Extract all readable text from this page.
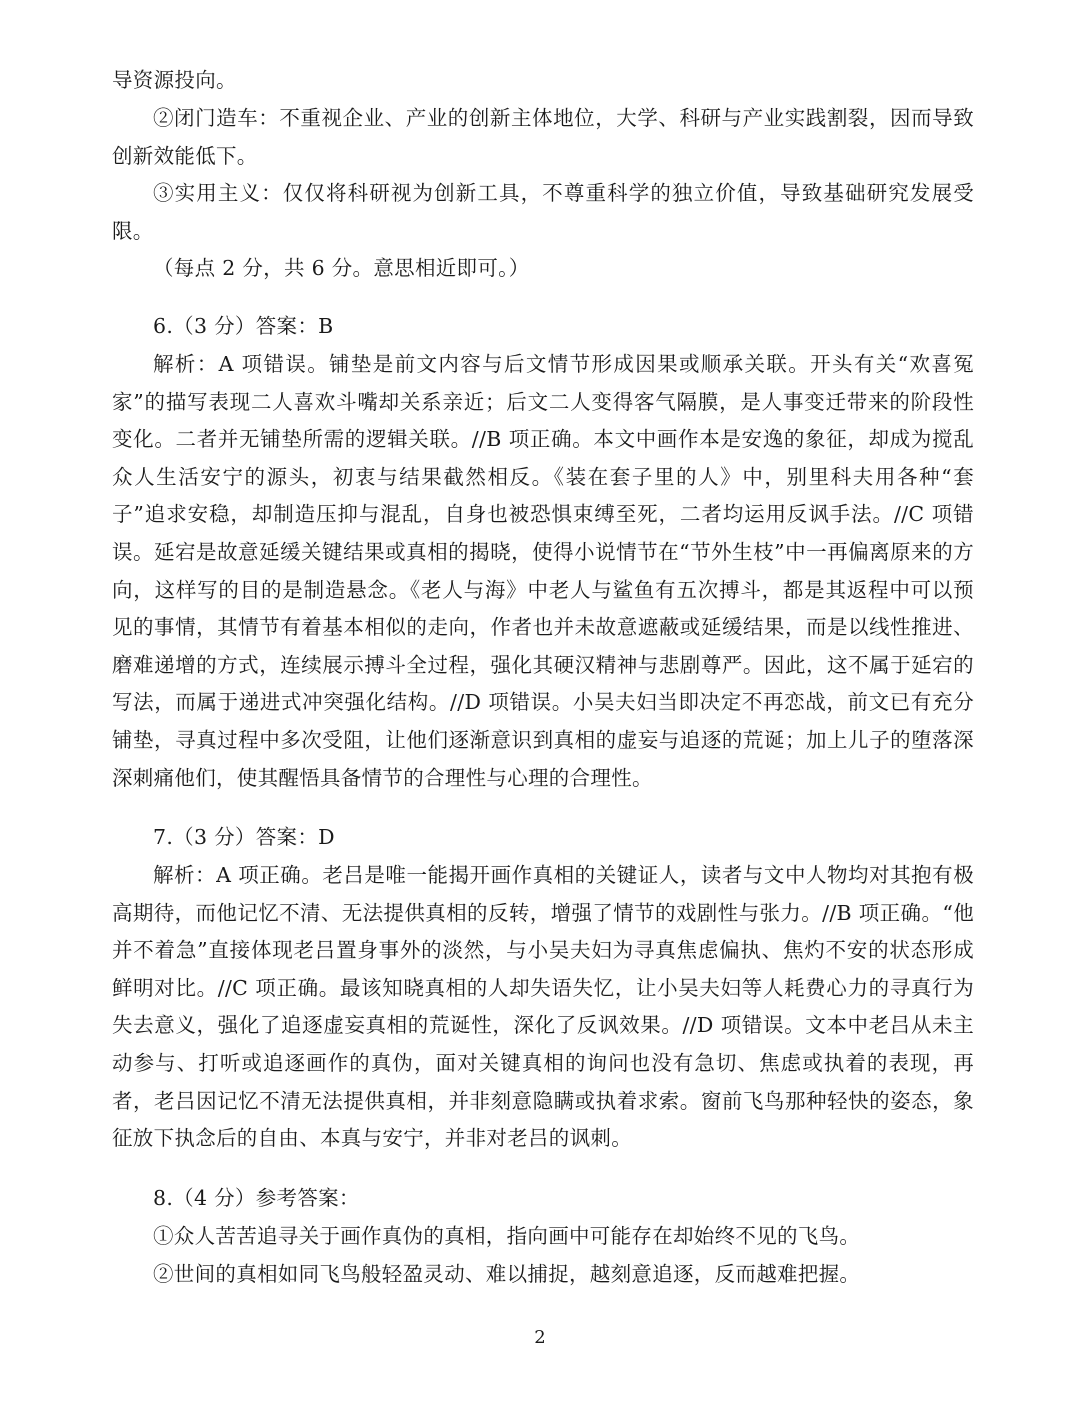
导资源投向。

②闭门造车：不重视企业、产业的创新主体地位，大学、科研与产业实践割裂，因而导致创新效能低下。

③实用主义：仅仅将科研视为创新工具，不尊重科学的独立价值，导致基础研究发展受限。

（每点 2 分，共 6 分。意思相近即可。）

6.（3 分）答案：B

解析：A 项错误。铺垫是前文内容与后文情节形成因果或顺承关联。开头有关“欢喜冤家”的描写表现二人喜欢斗嘴却关系亲近；后文二人变得客气隔膜，是人事变迁带来的阶段性变化。二者并无铺垫所需的逻辑关联。//B 项正确。本文中画作本是安逸的象征，却成为搅乱众人生活安宁的源头，初衷与结果截然相反。《装在套子里的人》中，别里科夫用各种“套子”追求安稳，却制造压抑与混乱，自身也被恐惧束缚至死，二者均运用反讽手法。//C 项错误。延宕是故意延缓关键结果或真相的揭晓，使得小说情节在“节外生枝”中一再偏离原来的方向，这样写的目的是制造悬念。《老人与海》中老人与鲨鱼有五次搏斗，都是其返程中可以预见的事情，其情节有着基本相似的走向，作者也并未故意遮蔽或延缓结果，而是以线性推进、磨难递增的方式，连续展示搏斗全过程，强化其硬汉精神与悲剧尊严。因此，这不属于延宕的写法，而属于递进式冲突强化结构。//D 项错误。小吴夫妇当即决定不再恋战，前文已有充分铺垫，寻真过程中多次受阻，让他们逐渐意识到真相的虚妄与追逐的荒诞；加上儿子的堕落深深刺痛他们，使其醒悟具备情节的合理性与心理的合理性。

7.（3 分）答案：D

解析：A 项正确。老吕是唯一能揭开画作真相的关键证人，读者与文中人物均对其抱有极高期待，而他记忆不清、无法提供真相的反转，增强了情节的戏剧性与张力。//B 项正确。“他并不着急”直接体现老吕置身事外的淡然，与小吴夫妇为寻真焦虑偏执、焦灼不安的状态形成鲜明对比。//C 项正确。最该知晓真相的人却失语失忆，让小吴夫妇等人耗费心力的寻真行为失去意义，强化了追逐虚妄真相的荒诞性，深化了反讽效果。//D 项错误。文本中老吕从未主动参与、打听或追逐画作的真伪，面对关键真相的询问也没有急切、焦虑或执着的表现，再者，老吕因记忆不清无法提供真相，并非刻意隐瞒或执着求索。窗前飞鸟那种轻快的姿态，象征放下执念后的自由、本真与安宁，并非对老吕的讽刺。

8.（4 分）参考答案：

①众人苦苦追寻关于画作真伪的真相，指向画中可能存在却始终不见的飞鸟。

②世间的真相如同飞鸟般轻盈灵动、难以捕捉，越刻意追逐，反而越难把握。

2
